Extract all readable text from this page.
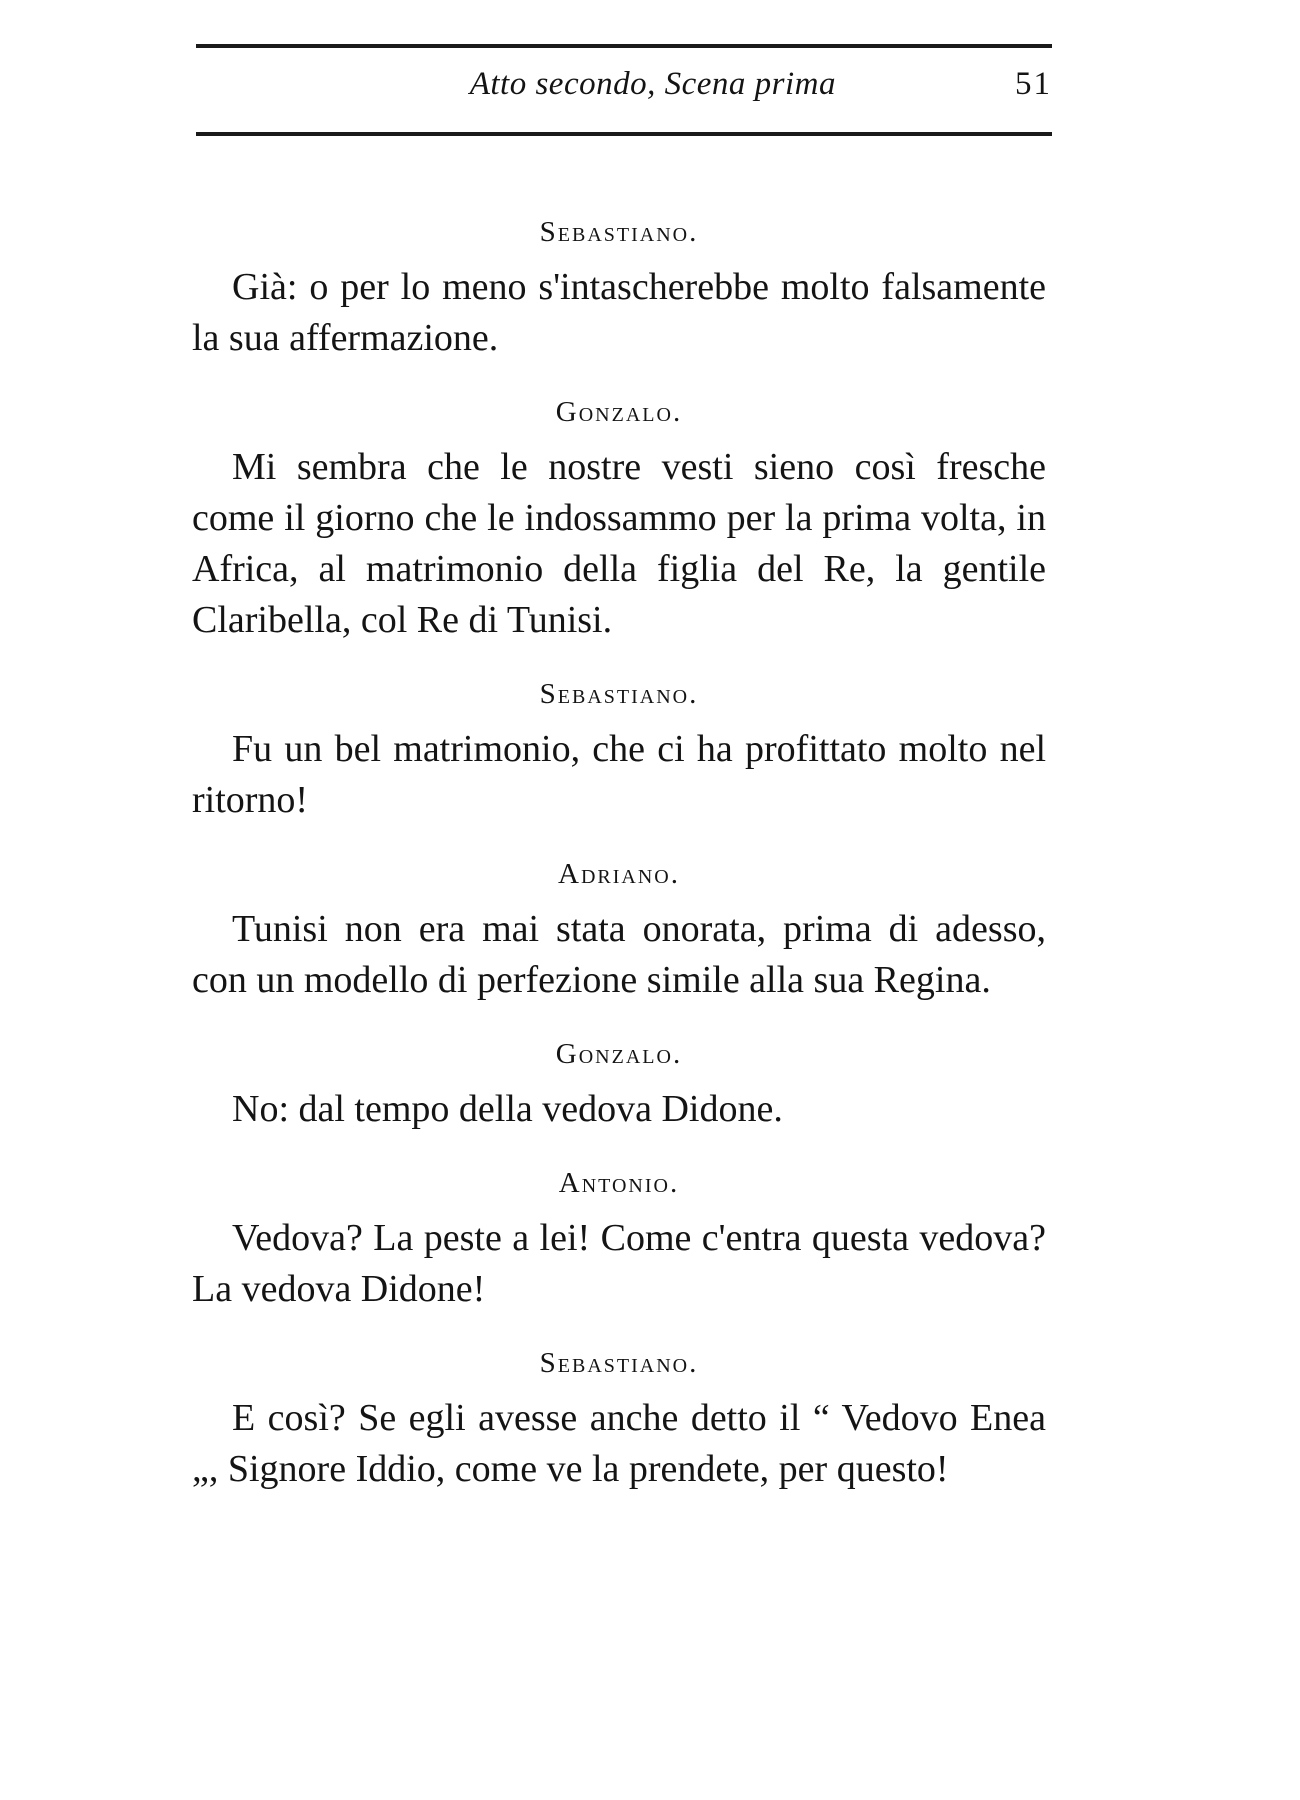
Atto secondo, Scena prima	51
Sebastiano.

Già: o per lo meno s'intascherebbe molto falsamente la sua affermazione.

Gonzalo.

Mi sembra che le nostre vesti sieno così fresche come il giorno che le indossammo per la prima volta, in Africa, al matrimonio della figlia del Re, la gentile Claribella, col Re di Tunisi.

Sebastiano.

Fu un bel matrimonio, che ci ha profittato molto nel ritorno!

Adriano.

Tunisi non era mai stata onorata, prima di adesso, con un modello di perfezione simile alla sua Regina.

Gonzalo.

No: dal tempo della vedova Didone.

Antonio.

Vedova? La peste a lei! Come c'entra questa vedova? La vedova Didone!

Sebastiano.

E così? Se egli avesse anche detto il “ Vedovo Enea „, Signore Iddio, come ve la prendete, per questo!
